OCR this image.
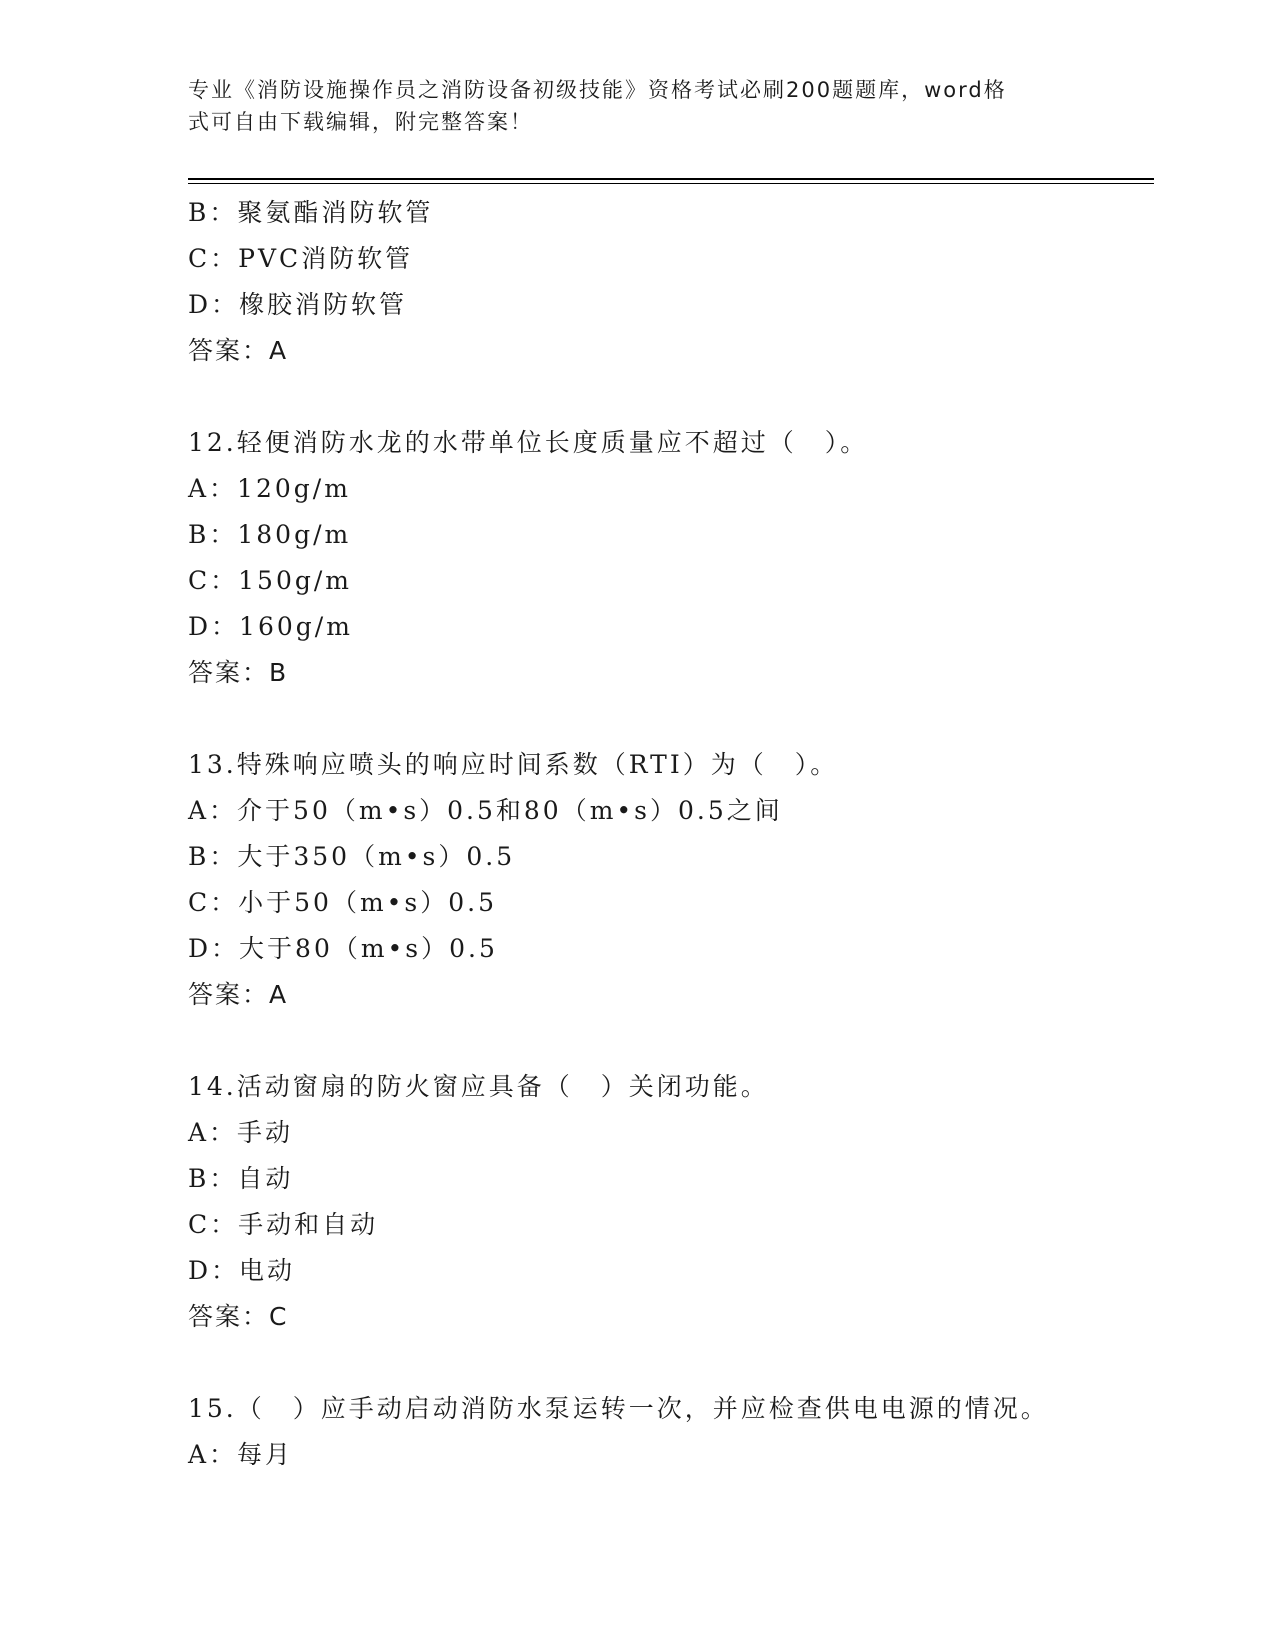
专业《消防设施操作员之消防设备初级技能》资格考试必刷200题题库，word格

式可自由下载编辑，附完整答案！

B：聚氨酯消防软管
C：PVC消防软管
D：橡胶消防软管
答案：A
12.轻便消防水龙的水带单位长度质量应不超过（　）。
A：120g/m
B：180g/m
C：150g/m
D：160g/m
答案：B
13.特殊响应喷头的响应时间系数（RTI）为（　）。
A：介于50（m•s）0.5和80（m•s）0.5之间
B：大于350（m•s）0.5
C：小于50（m•s）0.5
D：大于80（m•s）0.5
答案：A
14.活动窗扇的防火窗应具备（　）关闭功能。
A：手动
B：自动
C：手动和自动
D：电动
答案：C
15.（　）应手动启动消防水泵运转一次，并应检查供电电源的情况。
A：每月
